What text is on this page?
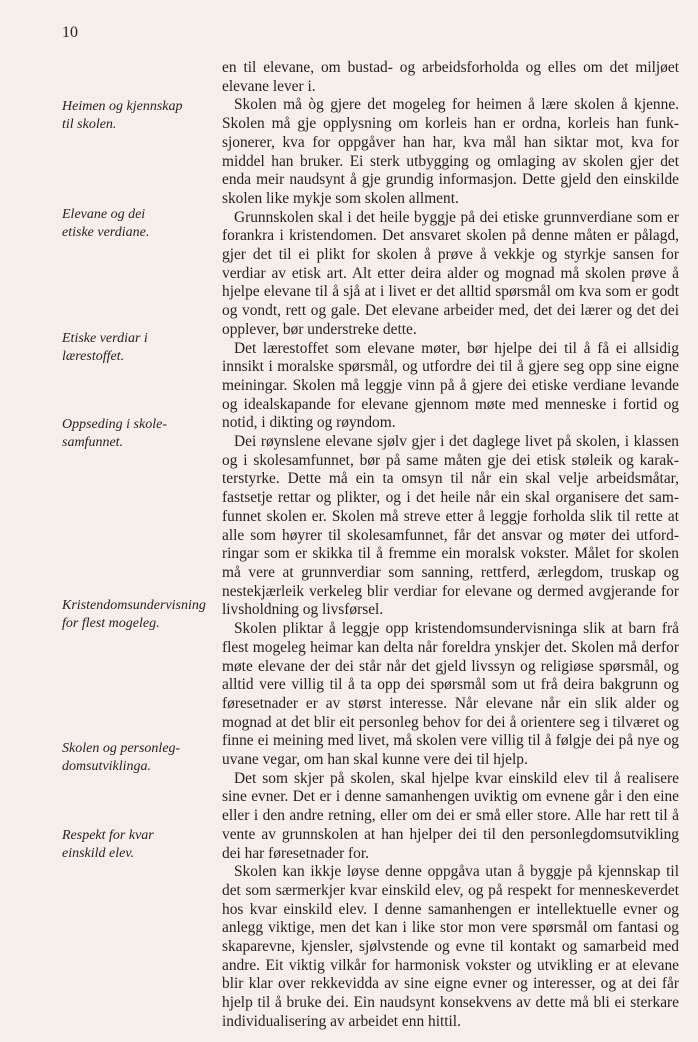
10
Heimen og kjennskap
til skolen.
Elevane og dei
etiske verdiane.
Etiske verdiar i
lærestoffet.
Oppseding i skole-
samfunnet.
Kristendomsundervisning
for flest mogeleg.
Skolen og personleg-
domsutviklinga.
Respekt for kvar
einskild elev.

en til elevane, om bustad- og arbeidsforholda og elles om det miljøet elevane lever i.

Skolen må òg gjere det mogeleg for heimen å lære skolen å kjenne. Skolen må gje opplysning om korleis han er ordna, korleis han funksjonerer, kva for oppgåver han har, kva mål han siktar mot, kva for middel han bruker. Ei sterk utbygging og omlaging av skolen gjer det enda meir naudsynt å gje grundig informasjon. Dette gjeld den einskilde skolen like mykje som skolen allment.

Grunnskolen skal i det heile byggje på dei etiske grunnverdiane som er forankra i kristendomen. Det ansvaret skolen på denne måten er pålagd, gjer det til ei plikt for skolen å prøve å vekkje og styrkje sansen for verdiar av etisk art. Alt etter deira alder og mognad må skolen prøve å hjelpe elevane til å sjå at i livet er det alltid spørsmål om kva som er godt og vondt, rett og gale. Det elevane arbeider med, det dei lærer og det dei opplever, bør understreke dette.

Det lærestoffet som elevane møter, bør hjelpe dei til å få ei allsidig innsikt i moralske spørsmål, og utfordre dei til å gjere seg opp sine eigne meiningar. Skolen må leggje vinn på å gjere dei etiske verdiane levande og idealskapande for elevane gjennom møte med menneske i fortid og notid, i dikting og røyndom.

Dei røynslene elevane sjølv gjer i det daglege livet på skolen, i klassen og i skolesamfunnet, bør på same måten gje dei etisk støleik og karakterstyrke. Dette må ein ta omsyn til når ein skal velje arbeidsmåtar, fastsetje rettar og plikter, og i det heile når ein skal organisere det samfunnet skolen er. Skolen må streve etter å leggje forholda slik til rette at alle som høyrer til skolesamfunnet, får det ansvar og møter dei utfordringar som er skikka til å fremme ein moralsk vokster. Målet for skolen må vere at grunnverdiar som sanning, rettferd, ærlegdom, truskap og nestekjærleik verkeleg blir verdiar for elevane og dermed avgjerande for livsholdning og livsførsel.

Skolen pliktar å leggje opp kristendomsundervisninga slik at barn frå flest mogeleg heimar kan delta når foreldra ynskjer det. Skolen må derfor møte elevane der dei står når det gjeld livssyn og religiøse spørsmål, og alltid vere villig til å ta opp dei spørsmål som ut frå deira bakgrunn og føresetnader er av størst interesse. Når elevane når ein slik alder og mognad at det blir eit personleg behov for dei å orientere seg i tilværet og finne ei meining med livet, må skolen vere villig til å følgje dei på nye og uvane vegar, om han skal kunne vere dei til hjelp.

Det som skjer på skolen, skal hjelpe kvar einskild elev til å realisere sine evner. Det er i denne samanhengen uviktig om evnene går i den eine eller i den andre retning, eller om dei er små eller store. Alle har rett til å vente av grunnskolen at han hjelper dei til den personlegdomsutvikling dei har føresetnader for.

Skolen kan ikkje løyse denne oppgåva utan å byggje på kjennskap til det som særmerkjer kvar einskild elev, og på respekt for menneskeverdet hos kvar einskild elev. I denne samanhengen er intellektuelle evner og anlegg viktige, men det kan i like stor mon vere spørsmål om fantasi og skaparevne, kjensler, sjølvstende og evne til kontakt og samarbeid med andre. Eit viktig vilkår for harmonisk vokster og utvikling er at elevane blir klar over rekkevidda av sine eigne evner og interesser, og at dei får hjelp til å bruke dei. Ein naudsynt konsekvens av dette må bli ei sterkare individualisering av arbeidet enn hittil.
